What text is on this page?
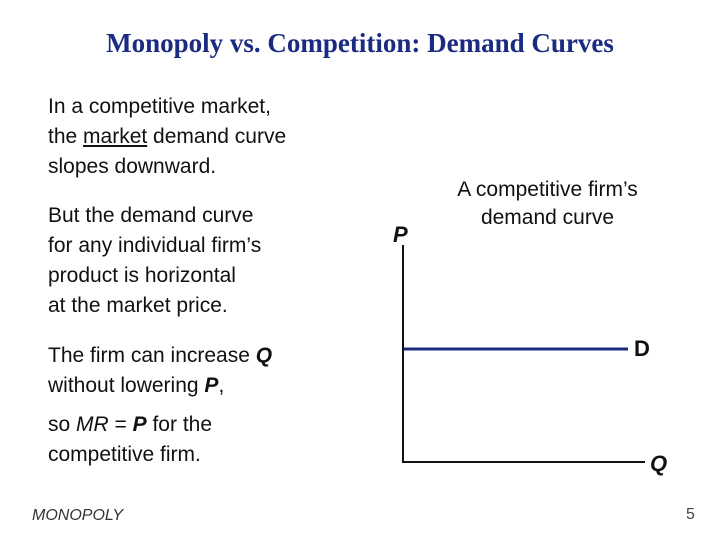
Monopoly vs. Competition: Demand Curves
In a competitive market,
the market demand curve
slopes downward.
But the demand curve
for any individual firm’s
product is horizontal
at the market price.
The firm can increase Q
without lowering P,
so MR = P for the
competitive firm.
A competitive firm’s
demand curve
P
Q
D
MONOPOLY	5
